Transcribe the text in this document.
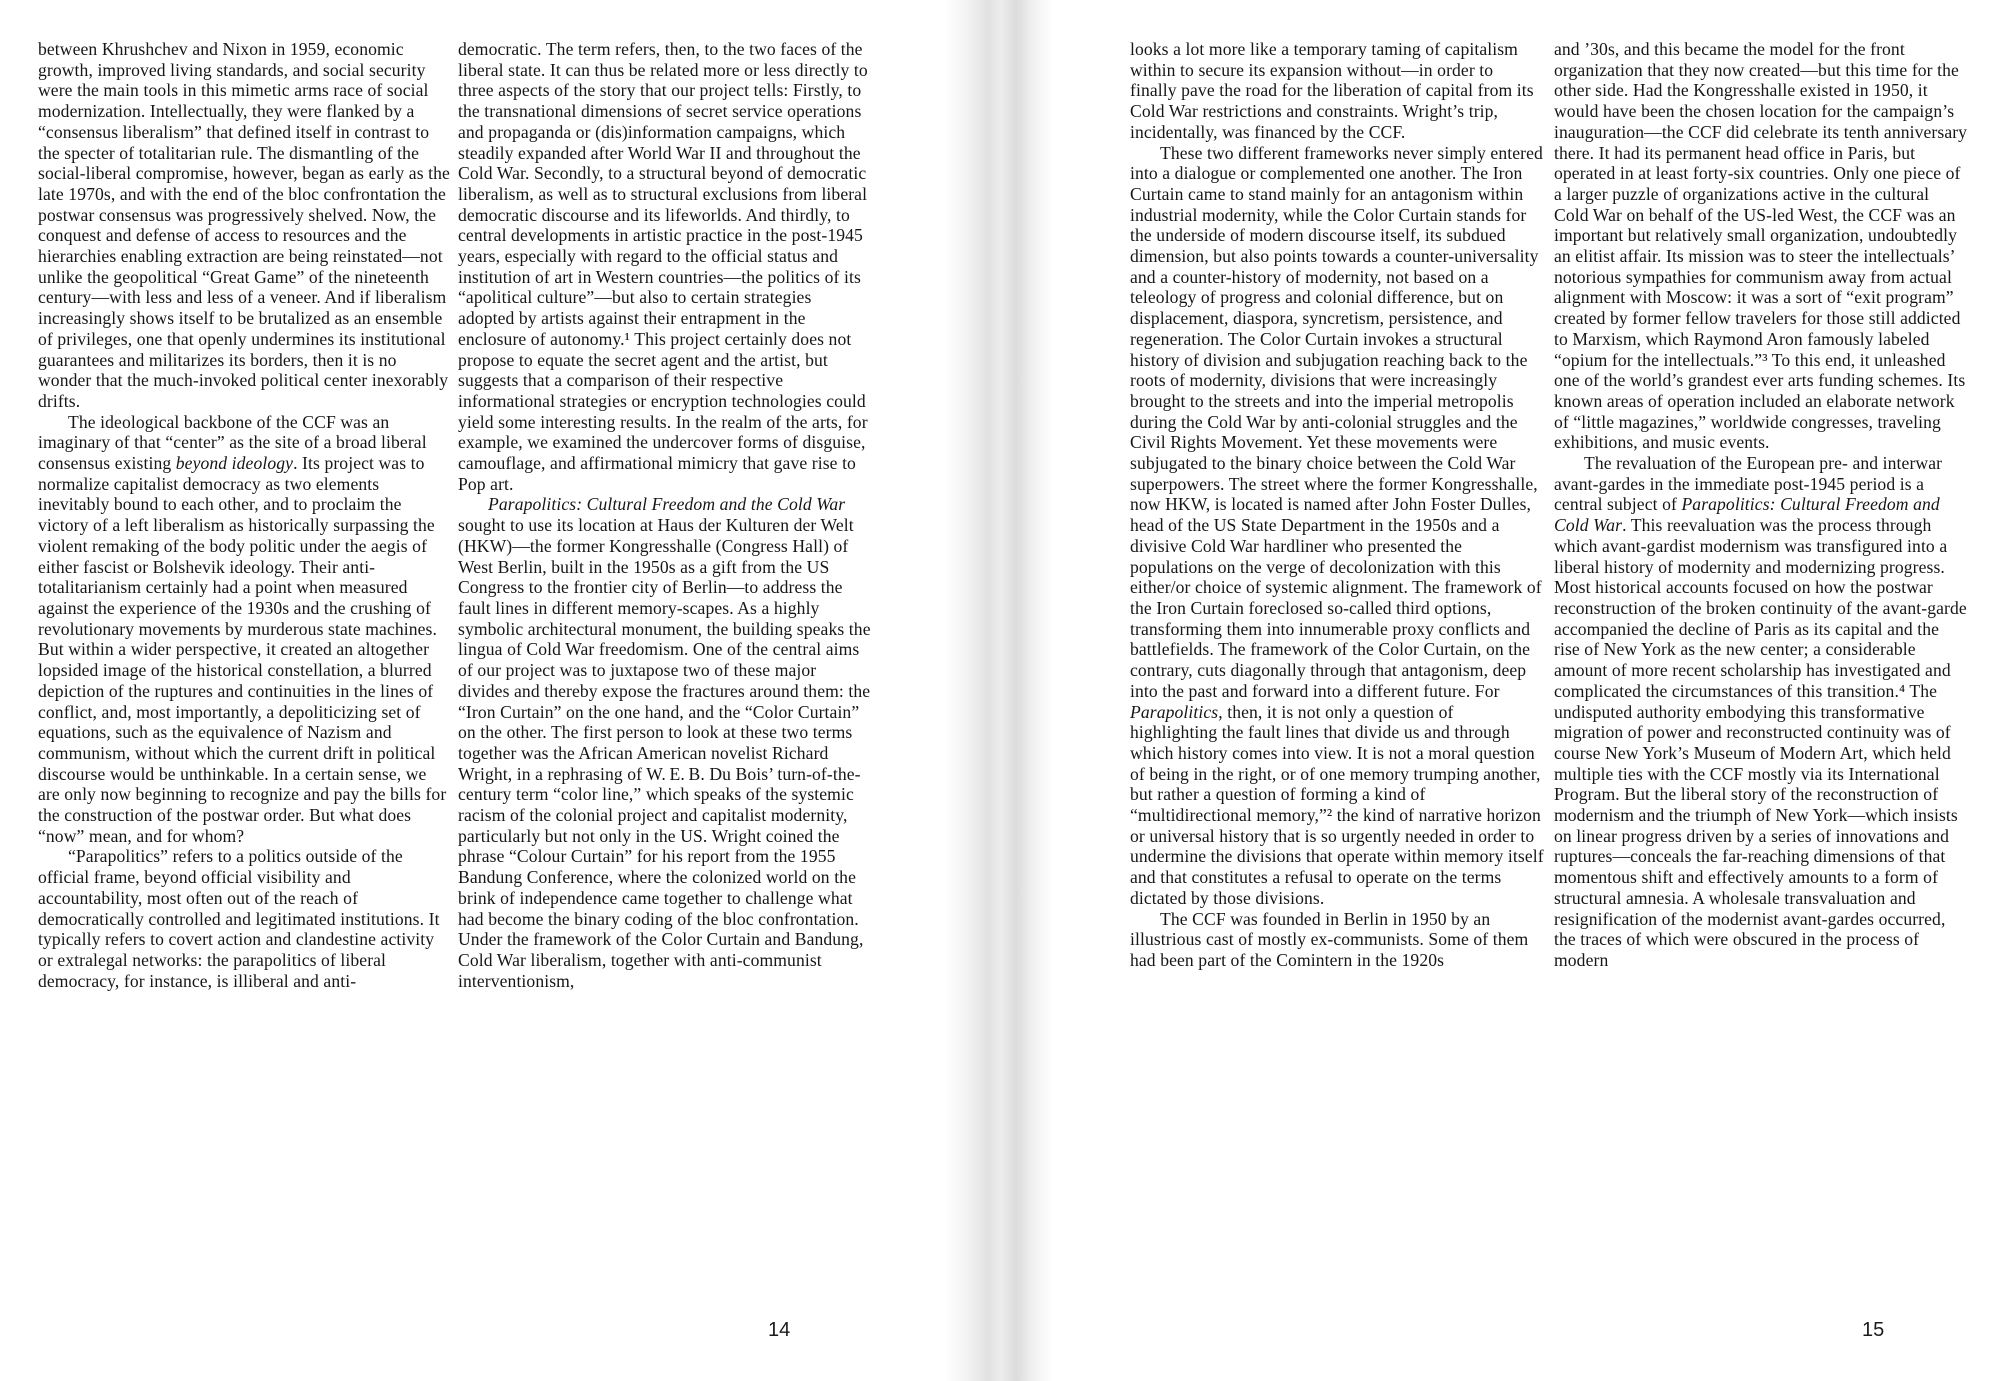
between Khrushchev and Nixon in 1959, economic growth, improved living standards, and social security were the main tools in this mimetic arms race of social modernization. Intellectually, they were flanked by a “consensus liberalism” that defined itself in contrast to the specter of totalitarian rule. The dismantling of the social-liberal compromise, however, began as early as the late 1970s, and with the end of the bloc confrontation the postwar consensus was progressively shelved. Now, the conquest and defense of access to resources and the hierarchies enabling extraction are being reinstated—not unlike the geopolitical “Great Game” of the nineteenth century—with less and less of a veneer. And if liberalism increasingly shows itself to be brutalized as an ensemble of privileges, one that openly undermines its institutional guarantees and militarizes its borders, then it is no wonder that the much-invoked political center inexorably drifts.

The ideological backbone of the CCF was an imaginary of that “center” as the site of a broad liberal consensus existing beyond ideology. Its project was to normalize capitalist democracy as two elements inevitably bound to each other, and to proclaim the victory of a left liberalism as historically surpassing the violent remaking of the body politic under the aegis of either fascist or Bolshevik ideology. Their anti-totalitarianism certainly had a point when measured against the experience of the 1930s and the crushing of revolutionary movements by murderous state machines. But within a wider perspective, it created an altogether lopsided image of the historical constellation, a blurred depiction of the ruptures and continuities in the lines of conflict, and, most importantly, a depoliticizing set of equations, such as the equivalence of Nazism and communism, without which the current drift in political discourse would be unthinkable. In a certain sense, we are only now beginning to recognize and pay the bills for the construction of the postwar order. But what does “now” mean, and for whom?

“Parapolitics” refers to a politics outside of the official frame, beyond official visibility and accountability, most often out of the reach of democratically controlled and legitimated institutions. It typically refers to covert action and clandestine activity or extralegal networks: the parapolitics of liberal democracy, for instance, is illiberal and anti-

democratic. The term refers, then, to the two faces of the liberal state. It can thus be related more or less directly to three aspects of the story that our project tells: Firstly, to the transnational dimensions of secret service operations and propaganda or (dis)information campaigns, which steadily expanded after World War II and throughout the Cold War. Secondly, to a structural beyond of democratic liberalism, as well as to structural exclusions from liberal democratic discourse and its lifeworlds. And thirdly, to central developments in artistic practice in the post-1945 years, especially with regard to the official status and institution of art in Western countries—the politics of its “apolitical culture”—but also to certain strategies adopted by artists against their entrapment in the enclosure of autonomy.¹ This project certainly does not propose to equate the secret agent and the artist, but suggests that a comparison of their respective informational strategies or encryption technologies could yield some interesting results. In the realm of the arts, for example, we examined the undercover forms of disguise, camouflage, and affirmational mimicry that gave rise to Pop art.

Parapolitics: Cultural Freedom and the Cold War sought to use its location at Haus der Kulturen der Welt (HKW)—the former Kongresshalle (Congress Hall) of West Berlin, built in the 1950s as a gift from the US Congress to the frontier city of Berlin—to address the fault lines in different memory-scapes. As a highly symbolic architectural monument, the building speaks the lingua of Cold War freedomism. One of the central aims of our project was to juxtapose two of these major divides and thereby expose the fractures around them: the “Iron Curtain” on the one hand, and the “Color Curtain” on the other. The first person to look at these two terms together was the African American novelist Richard Wright, in a rephrasing of W. E. B. Du Bois’ turn-of-the-century term “color line,” which speaks of the systemic racism of the colonial project and capitalist modernity, particularly but not only in the US. Wright coined the phrase “Colour Curtain” for his report from the 1955 Bandung Conference, where the colonized world on the brink of independence came together to challenge what had become the binary coding of the bloc confrontation. Under the framework of the Color Curtain and Bandung, Cold War liberalism, together with anti-communist interventionism,

looks a lot more like a temporary taming of capitalism within to secure its expansion without—in order to finally pave the road for the liberation of capital from its Cold War restrictions and constraints. Wright’s trip, incidentally, was financed by the CCF.

These two different frameworks never simply entered into a dialogue or complemented one another. The Iron Curtain came to stand mainly for an antagonism within industrial modernity, while the Color Curtain stands for the underside of modern discourse itself, its subdued dimension, but also points towards a counter-universality and a counter-history of modernity, not based on a teleology of progress and colonial difference, but on displacement, diaspora, syncretism, persistence, and regeneration. The Color Curtain invokes a structural history of division and subjugation reaching back to the roots of modernity, divisions that were increasingly brought to the streets and into the imperial metropolis during the Cold War by anti-colonial struggles and the Civil Rights Movement. Yet these movements were subjugated to the binary choice between the Cold War superpowers. The street where the former Kongresshalle, now HKW, is located is named after John Foster Dulles, head of the US State Department in the 1950s and a divisive Cold War hardliner who presented the populations on the verge of decolonization with this either/or choice of systemic alignment. The framework of the Iron Curtain foreclosed so-called third options, transforming them into innumerable proxy conflicts and battlefields. The framework of the Color Curtain, on the contrary, cuts diagonally through that antagonism, deep into the past and forward into a different future. For Parapolitics, then, it is not only a question of highlighting the fault lines that divide us and through which history comes into view. It is not a moral question of being in the right, or of one memory trumping another, but rather a question of forming a kind of “multidirectional memory,”² the kind of narrative horizon or universal history that is so urgently needed in order to undermine the divisions that operate within memory itself and that constitutes a refusal to operate on the terms dictated by those divisions.

The CCF was founded in Berlin in 1950 by an illustrious cast of mostly ex-communists. Some of them had been part of the Comintern in the 1920s

and ’30s, and this became the model for the front organization that they now created—but this time for the other side. Had the Kongresshalle existed in 1950, it would have been the chosen location for the campaign’s inauguration—the CCF did celebrate its tenth anniversary there. It had its permanent head office in Paris, but operated in at least forty-six countries. Only one piece of a larger puzzle of organizations active in the cultural Cold War on behalf of the US-led West, the CCF was an important but relatively small organization, undoubtedly an elitist affair. Its mission was to steer the intellectuals’ notorious sympathies for communism away from actual alignment with Moscow: it was a sort of “exit program” created by former fellow travelers for those still addicted to Marxism, which Raymond Aron famously labeled “opium for the intellectuals.”³ To this end, it unleashed one of the world’s grandest ever arts funding schemes. Its known areas of operation included an elaborate network of “little magazines,” worldwide congresses, traveling exhibitions, and music events.

The revaluation of the European pre- and interwar avant-gardes in the immediate post-1945 period is a central subject of Parapolitics: Cultural Freedom and Cold War. This reevaluation was the process through which avant-gardist modernism was transfigured into a liberal history of modernity and modernizing progress. Most historical accounts focused on how the postwar reconstruction of the broken continuity of the avant-garde accompanied the decline of Paris as its capital and the rise of New York as the new center; a considerable amount of more recent scholarship has investigated and complicated the circumstances of this transition.⁴ The undisputed authority embodying this transformative migration of power and reconstructed continuity was of course New York’s Museum of Modern Art, which held multiple ties with the CCF mostly via its International Program. But the liberal story of the reconstruction of modernism and the triumph of New York—which insists on linear progress driven by a series of innovations and ruptures—conceals the far-reaching dimensions of that momentous shift and effectively amounts to a form of structural amnesia. A wholesale transvaluation and resignification of the modernist avant-gardes occurred, the traces of which were obscured in the process of modern

14	15
